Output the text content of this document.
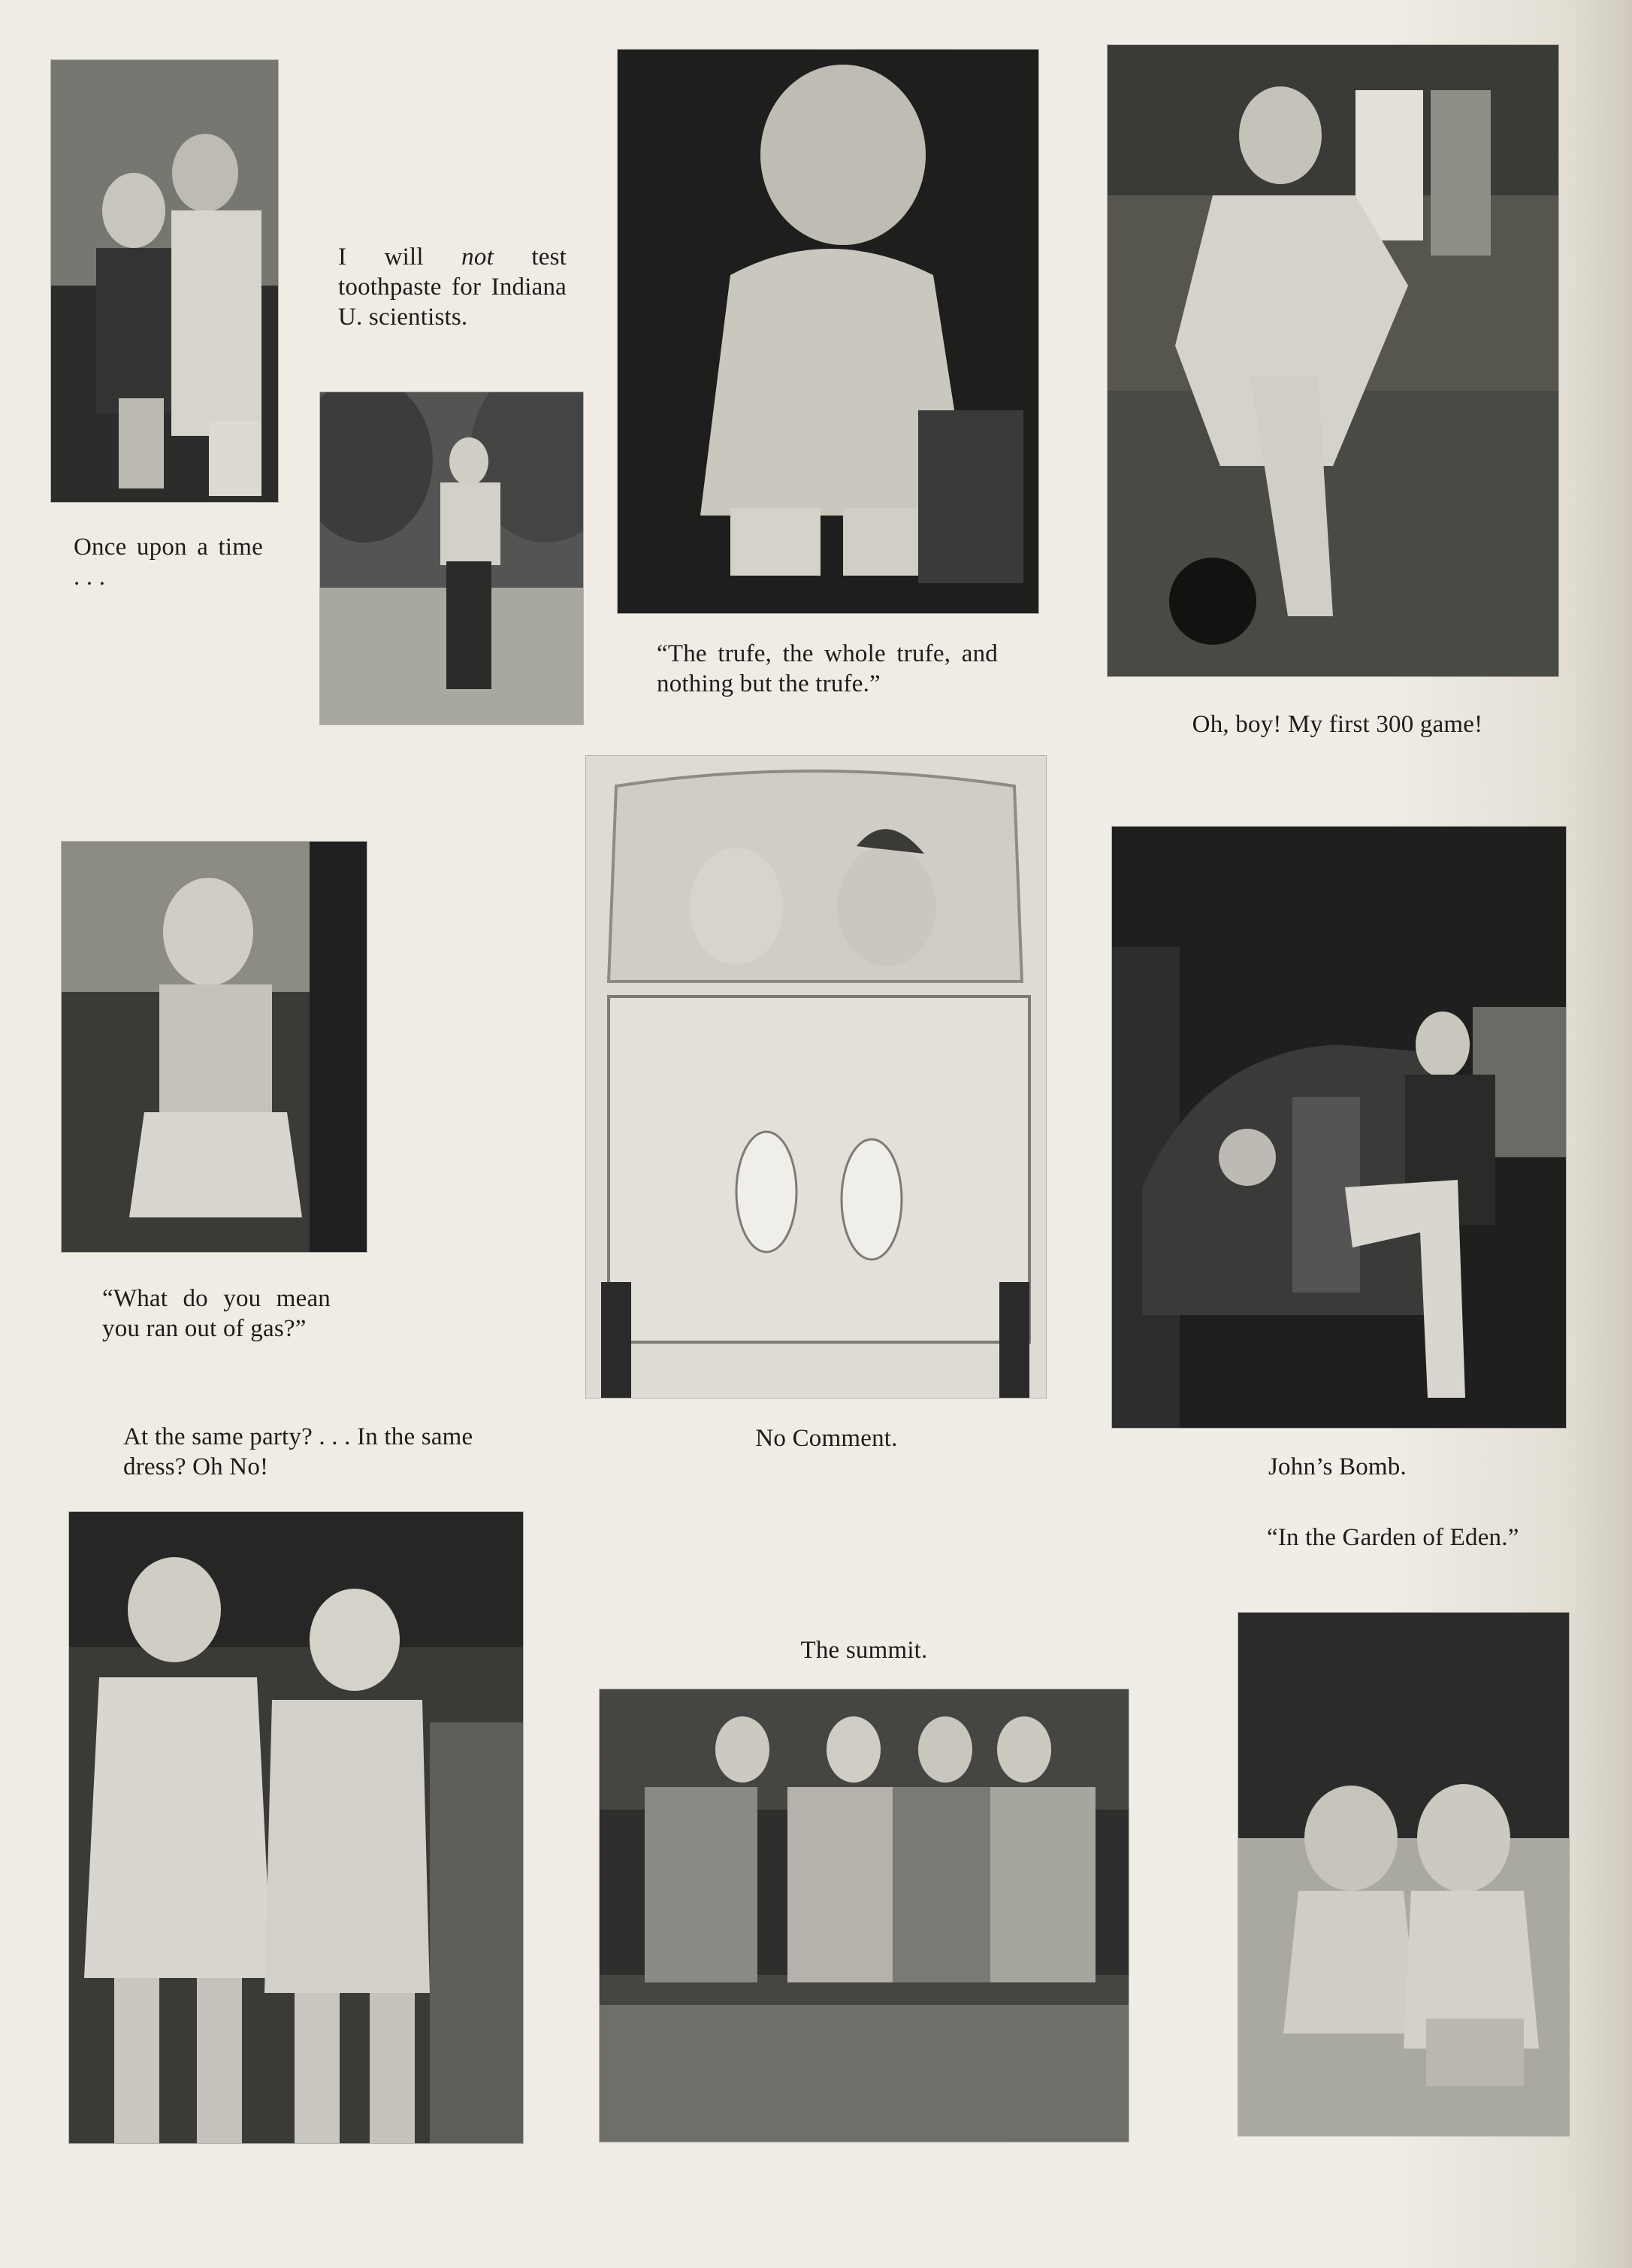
Once upon a time . . .

I will not test toothpaste for Indiana U. scientists.

“The trufe, the whole trufe, and nothing but the trufe.”

Oh, boy! My first 300 game!

“What do you mean you ran out of gas?”

No Comment.

John’s Bomb.

At the same party? . . . In the same dress? Oh No!

“In the Garden of Eden.”

The summit.
